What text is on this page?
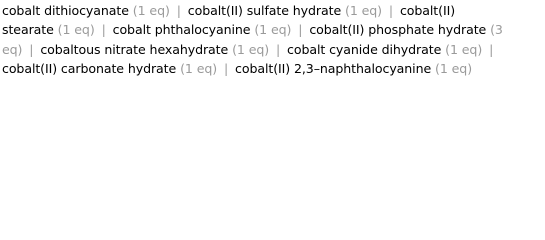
cobalt dithiocyanate (1 eq) | cobalt(II) sulfate hydrate (1 eq) | cobalt(II)
stearate (1 eq) | cobalt phthalocyanine (1 eq) | cobalt(II) phosphate hydrate (3
eq) | cobaltous nitrate hexahydrate (1 eq) | cobalt cyanide dihydrate (1 eq) |
cobalt(II) carbonate hydrate (1 eq) | cobalt(II) 2,3–naphthalocyanine (1 eq)
